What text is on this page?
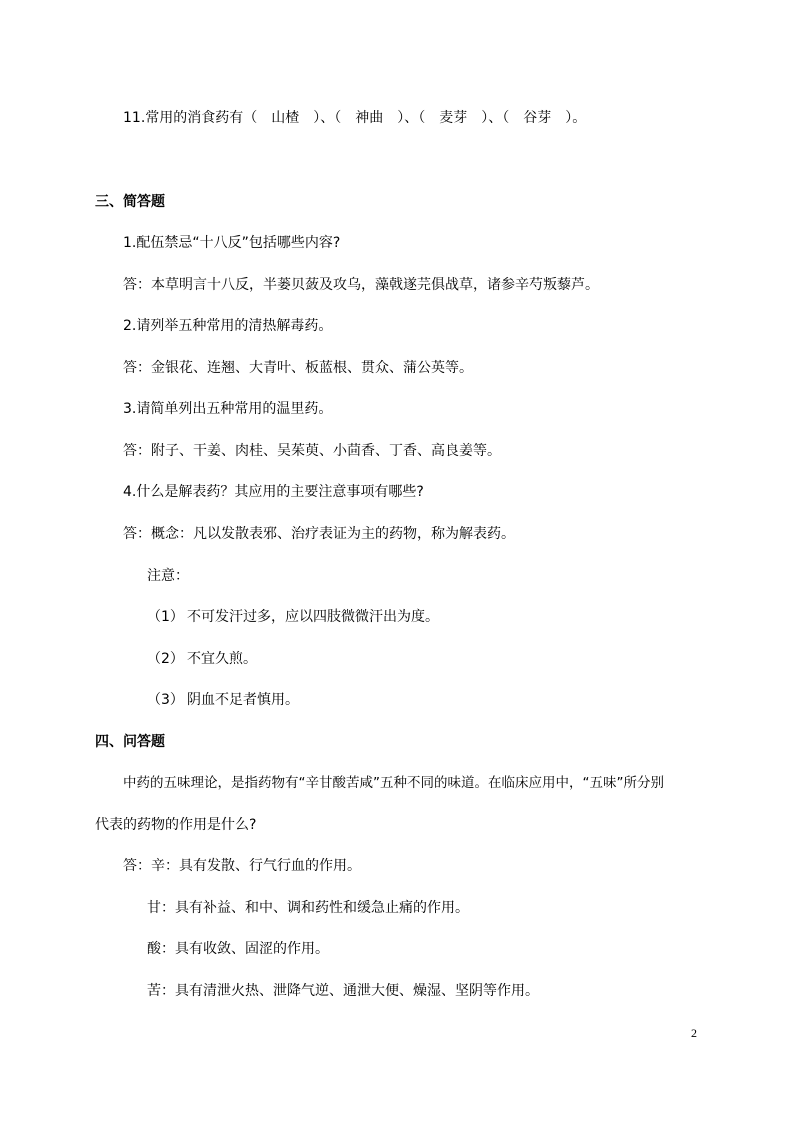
11.常用的消食药有（ 山楂 ）、（ 神曲 ）、（ 麦芽 ）、（ 谷芽 ）。
三、简答题
1.配伍禁忌“十八反”包括哪些内容?
答：本草明言十八反，半蒌贝蔹及攻乌，藻戟遂芫俱战草，诸参辛芍叛藜芦。
2.请列举五种常用的清热解毒药。
答：金银花、连翘、大青叶、板蓝根、贯众、蒲公英等。
3.请简单列出五种常用的温里药。
答：附子、干姜、肉桂、吴茱萸、小茴香、丁香、高良姜等。
4.什么是解表药？其应用的主要注意事项有哪些?
答：概念：凡以发散表邪、治疗表证为主的药物，称为解表药。
注意：
（1） 不可发汗过多，应以四肢微微汗出为度。
（2） 不宜久煎。
（3） 阴血不足者慎用。
四、问答题
中药的五味理论，是指药物有“辛甘酸苦咸”五种不同的味道。在临床应用中，“五味”所分别
代表的药物的作用是什么?
答：辛：具有发散、行气行血的作用。
甘：具有补益、和中、调和药性和缓急止痛的作用。
酸：具有收敛、固涩的作用。
苦：具有清泄火热、泄降气逆、通泄大便、燥湿、坚阴等作用。
2
